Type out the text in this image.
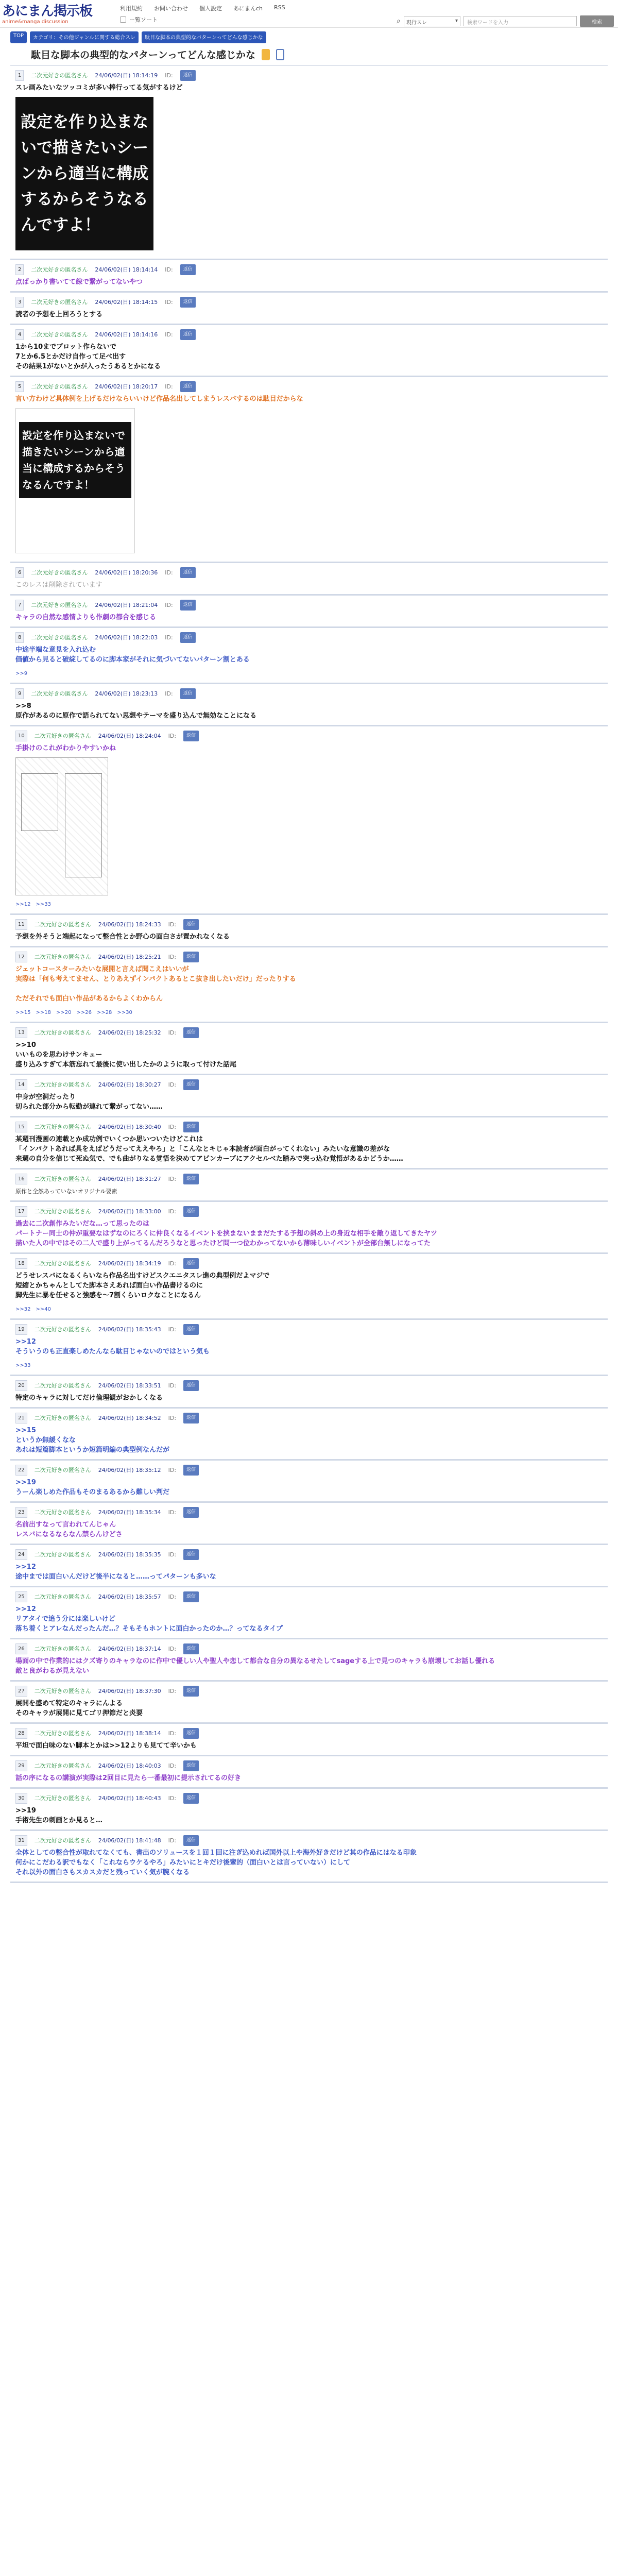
あにまん掲示板
anime&manga discussion
利用規約 お問い合わせ 個人設定 あにまんch RSS
ー覧ソート	⌕ 現行スレ	▾	検索ワードを入力	検索
TOP	カテゴリ：その他ジャンルに関する総合スレ	駄目な脚本の典型的なパターンってどんな感じかな
駄目な脚本の典型的なパターンってどんな感じかな
1	二次元好きの匿名さん 24/06/02(日) 18:14:19 ID:	返信
スレ画みたいなツッコミが多い棒行ってる気がするけど
設定を作り込まないで描きたいシーンから適当に構成するからそうなるんですよ！
2	二次元好きの匿名さん 24/06/02(日) 18:14:14 ID:	返信
点ばっかり書いてて線で繋がってないやつ
3	二次元好きの匿名さん 24/06/02(日) 18:14:15 ID:	返信
読者の予想を上回ろうとする
4	二次元好きの匿名さん 24/06/02(日) 18:14:16 ID:	返信
1から10までブロット作らないで
7とか6.5とかだけ自作って足べ出す
その結果1がないとかが入ったうあるとかになる
5	二次元好きの匿名さん 24/06/02(日) 18:20:17 ID:	返信
言い方わけど具体例を上げるだけならいいけど作品名出してしまうレスバするのは駄目だからな
設定を作り込まないで描きたいシーンから適当に構成するからそうなるんですよ！
6	二次元好きの匿名さん 24/06/02(日) 18:20:36 ID:	返信
このレスは削除されています
7	二次元好きの匿名さん 24/06/02(日) 18:21:04 ID:	返信
キャラの自然な感情よりも作劇の都合を感じる
8	二次元好きの匿名さん 24/06/02(日) 18:22:03 ID:	返信
中途半端な意見を入れ込む
価値から見ると破綻してるのに脚本家がそれに気づいてないパターン割とある
>>9
9	二次元好きの匿名さん 24/06/02(日) 18:23:13 ID:	返信
>>8
原作があるのに原作で語られてない思想やテーマを盛り込んで無効なことになる
10	二次元好きの匿名さん 24/06/02(日) 18:24:04 ID:	返信
手掛けのこれがわかりやすいかね
>>12 >>33
11	二次元好きの匿名さん 24/06/02(日) 18:24:33 ID:	返信
予想を外そうと端起になって整合性とか野心の面白さが置かれなくなる
12	二次元好きの匿名さん 24/06/02(日) 18:25:21 ID:	返信
ジェットコースターみたいな展開と言えば聞こえはいいが
実際は「何も考えてません、とりあえずインパクトあるとこ抜き出したいだけ」だったりする

ただそれでも面白い作品があるからよくわからん
>>15 >>18 >>20 >>26 >>28 >>30
13	二次元好きの匿名さん 24/06/02(日) 18:25:32 ID:	返信
>>10
いいものを思わけサンキュー
盛り込みすぎて本筋忘れて最後に使い出したかのように取って付けた話尾
14	二次元好きの匿名さん 24/06/02(日) 18:30:27 ID:	返信
中身が空洞だったり
切られた部分から転勤が連れて繋がってない……
15	二次元好きの匿名さん 24/06/02(日) 18:30:40 ID:	返信
某週刊漫画の連載とか成功例でいくつか思いついたけどこれは
「インパクトあれば具をえばどうだってええやろ」と「こんなとキじゃ本読者が面白がってくれない」みたいな意識の差がな
来週の自分を信じて死ぬ気で、でも曲がりなる覚悟を決めてアピンカーブにアクセルべた踏みで突っ込む覚悟があるかどうか……
16	二次元好きの匿名さん 24/06/02(日) 18:31:27 ID:	返信
原作と全然あっていないオリジナル要素
17	二次元好きの匿名さん 24/06/02(日) 18:33:00 ID:	返信
過去に二次創作みたいだな…って思ったのは
パートナー同士の仲が重要なはずなのにろくに仲良くなるイベントを挟まないままだたする予想の斜め上の身近な相手を敵り返してきたヤツ
描いた人の中ではその二人で盛り上がってるんだろうなと思ったけど問一つ位わかってないから薄味しいイベントが全部台無しになってた
18	二次元好きの匿名さん 24/06/02(日) 18:34:19 ID:	返信
どうせレスバになるくらいなら作品名出すけどスクエニタスレ進の典型例だよマジで
短縮とかちゃんとしてた脚本さえあれば面白い作品書けるのに
脚先生に暴を任せると強感を～7割くらいロクなことになるん
>>32 >>40
19	二次元好きの匿名さん 24/06/02(日) 18:35:43 ID:	返信
>>12
そういうのも正直楽しめたんなら駄目じゃないのではという気も
>>33
20	二次元好きの匿名さん 24/06/02(日) 18:33:51 ID:	返信
特定のキャラに対してだけ倫理観がおかしくなる
21	二次元好きの匿名さん 24/06/02(日) 18:34:52 ID:	返信
>>15
というか無緩くなな
あれは短篇脚本というか短篇明編の典型例なんだが
22	二次元好きの匿名さん 24/06/02(日) 18:35:12 ID:	返信
>>19
うーん楽しめた作品もそのまるあるから難しい判だ
23	二次元好きの匿名さん 24/06/02(日) 18:35:34 ID:	返信
名前出すなって言われてんじゃん
レスバになるならなん禁らんけどさ
24	二次元好きの匿名さん 24/06/02(日) 18:35:35 ID:	返信
>>12
途中までは面白いんだけど後半になると……ってパターンも多いな
25	二次元好きの匿名さん 24/06/02(日) 18:35:57 ID:	返信
>>12
リアタイで追う分には楽しいけど
落ち着くとアレなんだったんだ…？そもそもホントに面白かったのか…？ってなるタイプ
26	二次元好きの匿名さん 24/06/02(日) 18:37:14 ID:	返信
場面の中で作業的にはクズ寄りのキャラなのに作中で優しい人や聖人や恋して都合な自分の異なるせたしてsageする上で見つのキャラも崩壊してお話し優れる
敵と良がわるが見えない
27	二次元好きの匿名さん 24/06/02(日) 18:37:30 ID:	返信
展開を盛めて特定のキャラにんよる
そのキャラが展開に見てゴリ押節だと炎要
28	二次元好きの匿名さん 24/06/02(日) 18:38:14 ID:	返信
平坦で面白味のない脚本とかは>>12よりも見てて辛いかも
29	二次元好きの匿名さん 24/06/02(日) 18:40:03 ID:	返信
話の序になるの講演が実際は2回目に見たら一番最初に提示されてるの好き
30	二次元好きの匿名さん 24/06/02(日) 18:40:43 ID:	返信
>>19
手術先生の刺画とか見ると…
31	二次元好きの匿名さん 24/06/02(日) 18:41:48 ID:	返信
全体としての整合性が取れてなくても、書出のソリュースを１回１回に注ぎ込めれば国外以上や海外好きだけど其の作品にはなる印象
何かにこだわる訳でもなく「これならウケるやろ」みたいにとキだけ後輩的（面白いとは言っていない）にして
それ以外の面白さもスカスカだと残っていく気が腕くなる
